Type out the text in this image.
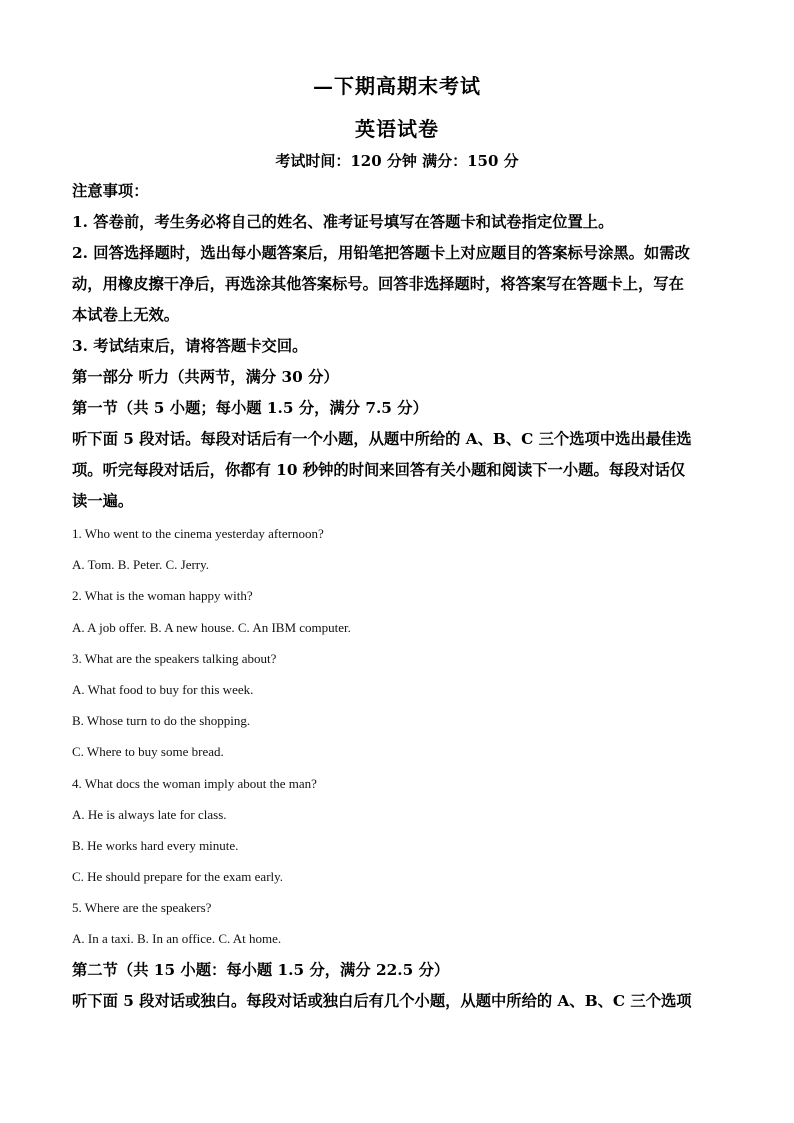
—下期高期末考试
英语试卷
考试时间：120 分钟 满分：150 分
注意事项：
1. 答卷前，考生务必将自己的姓名、准考证号填写在答题卡和试卷指定位置上。
2. 回答选择题时，选出每小题答案后，用铅笔把答题卡上对应题目的答案标号涂黑。如需改
动，用橡皮擦干净后，再选涂其他答案标号。回答非选择题时，将答案写在答题卡上，写在
本试卷上无效。
3. 考试结束后，请将答题卡交回。
第一部分 听力（共两节，满分 30 分）
第一节（共 5 小题；每小题 1.5 分，满分 7.5 分）
听下面 5 段对话。每段对话后有一个小题，从题中所给的 A、B、C 三个选项中选出最佳选
项。听完每段对话后，你都有 10 秒钟的时间来回答有关小题和阅读下一小题。每段对话仅
读一遍。
1. Who went to the cinema yesterday afternoon?
A. Tom. B. Peter. C. Jerry.
2. What is the woman happy with?
A. A job offer. B. A new house. C. An IBM computer.
3. What are the speakers talking about?
A. What food to buy for this week.
B. Whose turn to do the shopping.
C. Where to buy some bread.
4. What docs the woman imply about the man?
A. He is always late for class.
B. He works hard every minute.
C. He should prepare for the exam early.
5. Where are the speakers?
A. In a taxi. B. In an office. C. At home.
第二节（共 15 小题：每小题 1.5 分，满分 22.5 分）
听下面 5 段对话或独白。每段对话或独白后有几个小题，从题中所给的 A、B、C 三个选项
